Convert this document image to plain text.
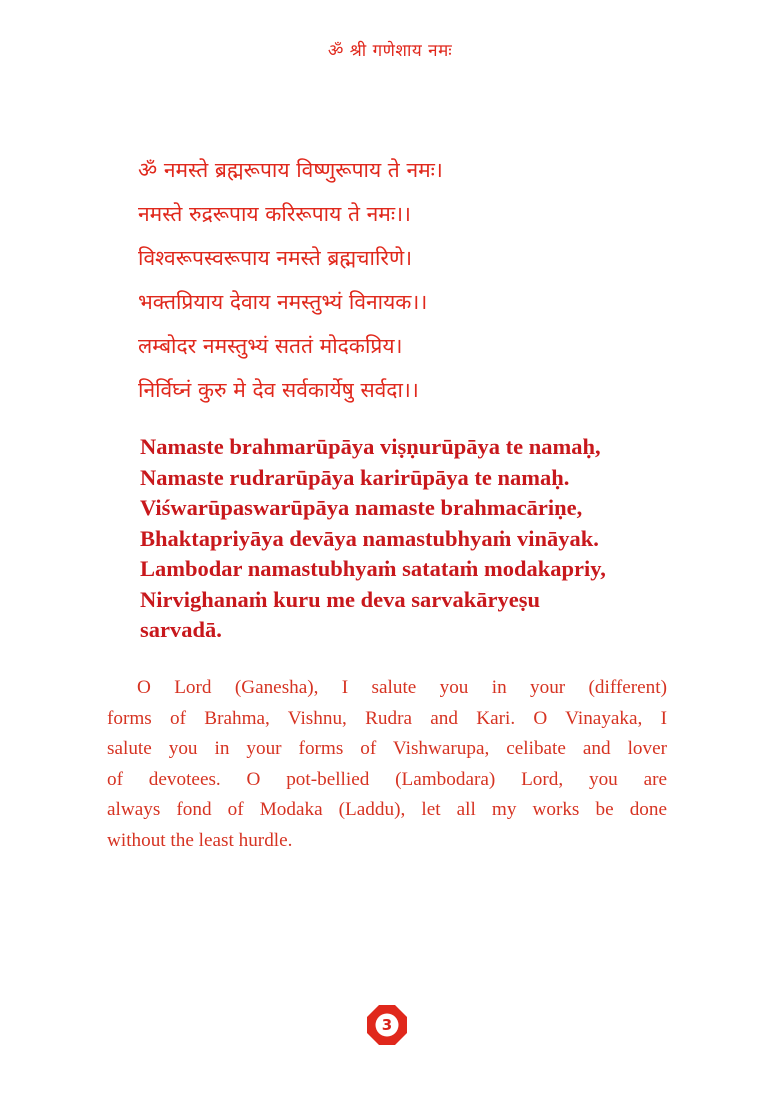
ॐ श्री गणेशाय नमः
ॐ नमस्ते ब्रह्मरूपाय विष्णुरूपाय ते नमः।
नमस्ते रुद्ररूपाय करिरूपाय ते नमः।।
विश्वरूपस्वरूपाय नमस्ते ब्रह्मचारिणे।
भक्तप्रियाय देवाय नमस्तुभ्यं विनायक।।
लम्बोदर नमस्तुभ्यं सततं मोदकप्रिय।
निर्विघ्नं कुरु मे देव सर्वकार्येषु सर्वदा।।
Namaste brahmarūpāya viṣṇurūpāya te namaḥ,
Namaste rudrarūpāya karirūpāya te namaḥ.
Viśwarūpaswarūpāya namaste brahmacāriṇe,
Bhaktapriyāya devāya namastubhyaṁ vināyak.
Lambodar namastubhyaṁ satataṁ modakapriy,
Nirvighanaṁ kuru me deva sarvakāryeṣu
sarvadā.
O Lord (Ganesha), I salute you in your (different)
forms of Brahma, Vishnu, Rudra and Kari. O Vinayaka, I
salute you in your forms of Vishwarupa, celibate and lover
of devotees. O pot-bellied (Lambodara) Lord, you are
always fond of Modaka (Laddu), let all my works be done
without the least hurdle.
3
